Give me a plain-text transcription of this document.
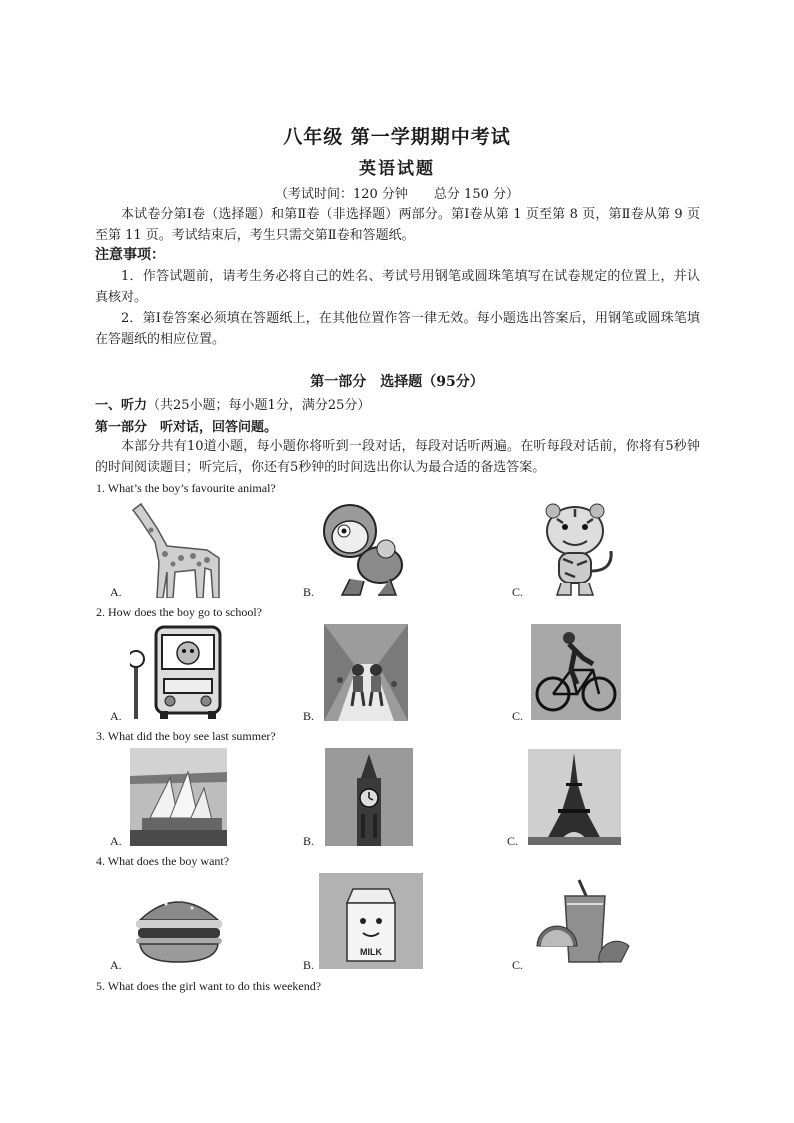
八年级 第一学期期中考试
英语试题
（考试时间：120 分钟　　总分 150 分）
本试卷分第Ⅰ卷（选择题）和第Ⅱ卷（非选择题）两部分。第Ⅰ卷从第 1 页至第 8 页，第Ⅱ卷从第 9 页至第 11 页。考试结束后，考生只需交第Ⅱ卷和答题纸。
注意事项：
1．作答试题前，请考生务必将自己的姓名、考试号用钢笔或圆珠笔填写在试卷规定的位置上，并认真核对。
2．第Ⅰ卷答案必须填在答题纸上，在其他位置作答一律无效。每小题选出答案后，用钢笔或圆珠笔填在答题纸的相应位置。
第一部分　选择题（95分）
一、听力（共25小题；每小题1分，满分25分）
第一部分　听对话，回答问题。
本部分共有10道小题，每小题你将听到一段对话，每段对话听两遍。在听每段对话前，你将有5秒钟的时间阅读题目；听完后，你还有5秒钟的时间选出你认为最合适的备选答案。
1. What’s the boy’s favourite animal?
A.	B.	C.
2. How does the boy go to school?
A.	B.	C.
3. What did the boy see last summer?
A.	B.	C.
4. What does the boy want?
A.	B.	C.
MILK
5. What does the girl want to do this weekend?
